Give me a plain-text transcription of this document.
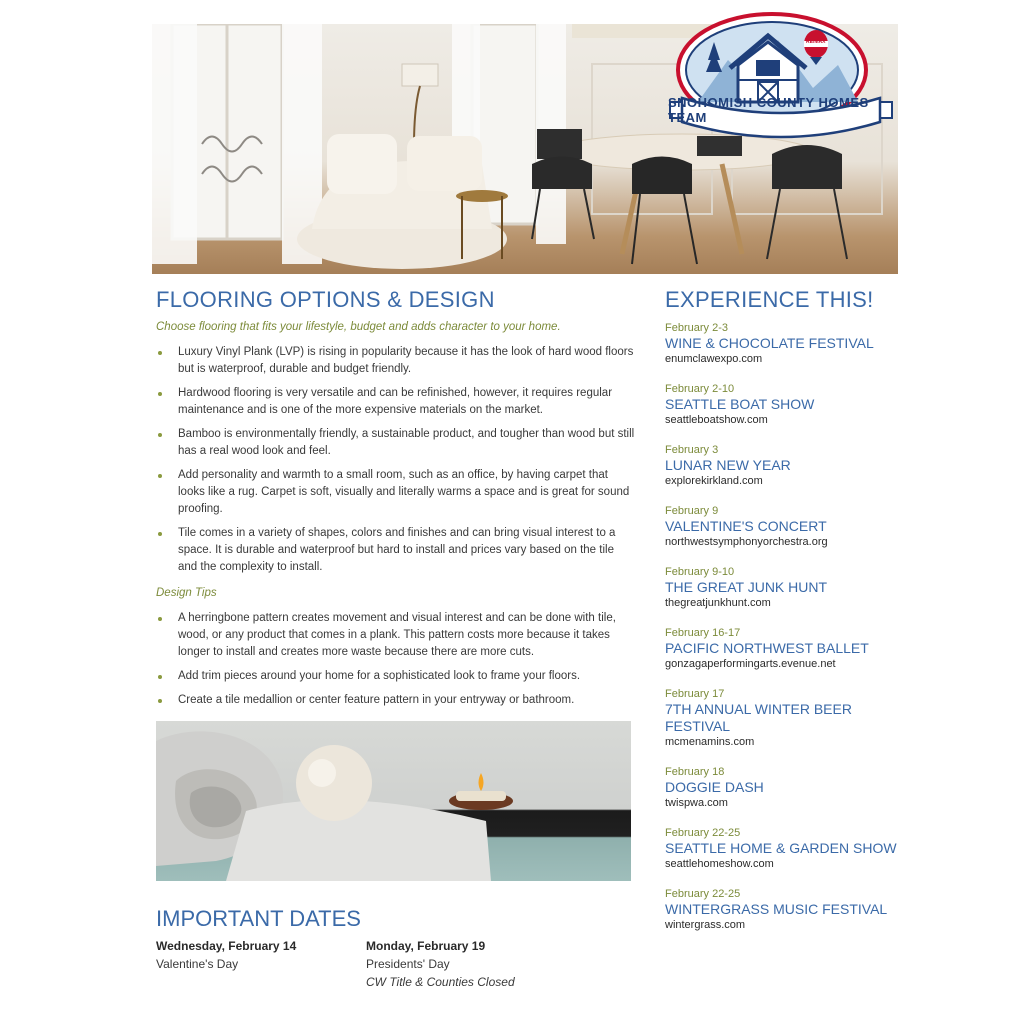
SNOHOMISH COUNTY HOMES TEAM
RE/MAX
FLOORING OPTIONS & DESIGN
Choose flooring that fits your lifestyle, budget and adds character to your home.
Luxury Vinyl Plank (LVP) is rising in popularity because it has the look of hard wood floors but is waterproof, durable and budget friendly.
Hardwood flooring is very versatile and can be refinished, however, it requires regular maintenance and is one of the more expensive materials on the market.
Bamboo is environmentally friendly, a sustainable product, and tougher than wood but still has a real wood look and feel.
Add personality and warmth to a small room, such as an office, by having carpet that looks like a rug. Carpet is soft, visually and literally warms a space and is great for sound proofing.
Tile comes in a variety of shapes, colors and finishes and can bring visual interest to a space. It is durable and waterproof but hard to install and prices vary based on the tile and the complexity to install.
Design Tips
A herringbone pattern creates movement and visual interest and can be done with tile, wood, or any product that comes in a plank. This pattern costs more because it takes longer to install and creates more waste because there are more cuts.
Add trim pieces around your home for a sophisticated look to frame your floors.
Create a tile medallion or center feature pattern in your entryway or bathroom.
IMPORTANT DATES
Wednesday, February 14
Valentine's Day
Monday, February 19
Presidents' Day
CW Title & Counties Closed
EXPERIENCE THIS!
February 2-3
WINE & CHOCOLATE FESTIVAL
enumclawexpo.com
February 2-10
SEATTLE BOAT SHOW
seattleboatshow.com
February 3
LUNAR NEW YEAR
explorekirkland.com
February 9
VALENTINE'S CONCERT
northwestsymphonyorchestra.org
February 9-10
THE GREAT JUNK HUNT
thegreatjunkhunt.com
February 16-17
PACIFIC NORTHWEST BALLET
gonzagaperformingarts.evenue.net
February 17
7TH ANNUAL WINTER BEER FESTIVAL
mcmenamins.com
February 18
DOGGIE DASH
twispwa.com
February 22-25
SEATTLE HOME & GARDEN SHOW
seattlehomeshow.com
February 22-25
WINTERGRASS MUSIC FESTIVAL
wintergrass.com
